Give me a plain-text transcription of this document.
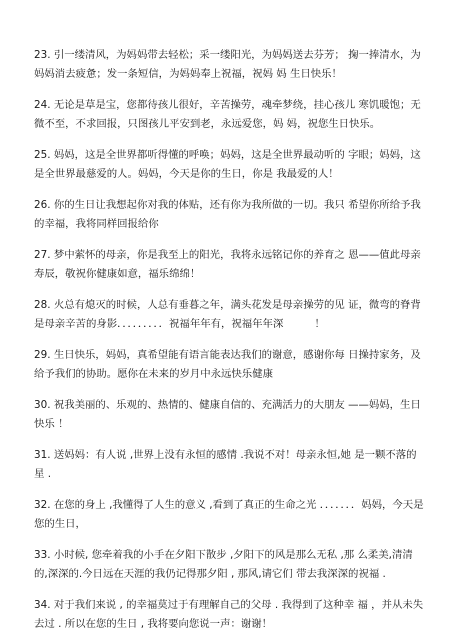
23. 引一缕清风，为妈妈带去轻松；采一缕阳光，为妈妈送去芬芳； 掬一捧清水，为妈妈消去疲惫；发一条短信，为妈妈奉上祝福，祝妈 妈 生日快乐！

24. 无论是草是宝，您都待孩儿很好，辛苦操劳，魂牵梦绕，挂心孩儿 寒饥暖饱；无微不至，不求回报，只图孩儿平安到老，永远爱您，妈 妈，祝您生日快乐。

25. 妈妈，这是全世界都听得懂的呼唤；妈妈，这是全世界最动听的 字眼；妈妈，这是全世界最慈爱的人。妈妈，今天是你的生日，你是 我最爱的人！

26. 你的生日让我想起你对我的体贴，还有你为我所做的一切。我只 希望你所给予我的幸福，我将同样回报给你

27. 梦中萦怀的母亲，你是我至上的阳光，我将永远铭记你的养育之 恩——值此母亲寿辰，敬祝你健康如意，福乐绵绵！

28. 火总有熄灭的时候，人总有垂暮之年，满头花发是母亲操劳的见 证，微弯的脊背是母亲辛苦的身影．．．．．．．．．祝福年年有，祝福年年深　　　！

29. 生日快乐，妈妈，真希望能有语言能表达我们的谢意，感谢你每 日操持家务，及给予我们的协助。愿你在未来的岁月中永远快乐健康

30. 祝我美丽的、乐观的、热情的、健康自信的、充满活力的大朋友 ——妈妈，生日快乐 ！

31. 送妈妈：有人说 ,世界上没有永恒的感情 .我说不对！母亲永恒,她 是一颗不落的星 .

32. 在您的身上 ,我懂得了人生的意义 ,看到了真正的生命之光 ．．．．．．．妈妈，今天是您的生日，

33. 小时候, 您牵着我的小手在夕阳下散步 ,夕阳下的风是那么无私 ,那 么柔美,清清的,深深的.今日远在天涯的我仍记得那夕阳 , 那风,请它们 带去我深深的祝福 .

34. 对于我们来说 , 的幸福莫过于有理解自己的父母 . 我得到了这种幸 福 ，并从未失去过 . 所以在您的生日 , 我将要向您说一声：谢谢！
